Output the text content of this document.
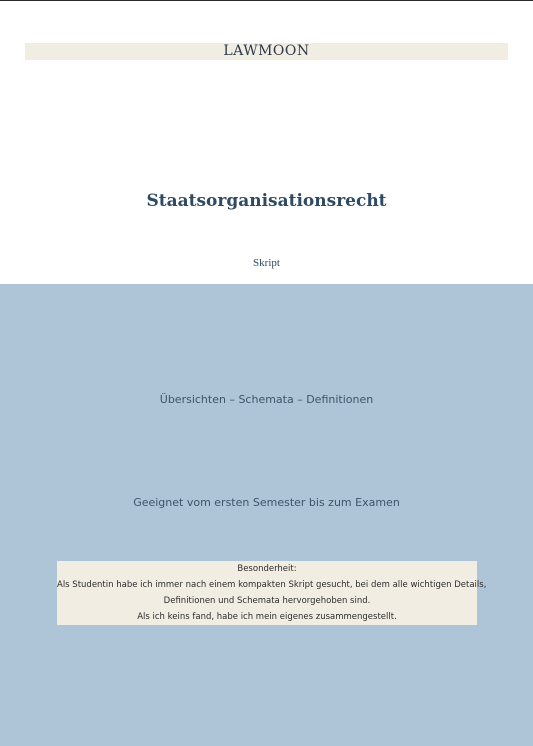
LAWMOON
Staatsorganisationsrecht
Skript
Übersichten – Schemata – Definitionen
Geeignet vom ersten Semester bis zum Examen
Besonderheit:
Als Studentin habe ich immer nach einem kompakten Skript gesucht, bei dem alle wichtigen Details,
Definitionen und Schemata hervorgehoben sind.
Als ich keins fand, habe ich mein eigenes zusammengestellt.
